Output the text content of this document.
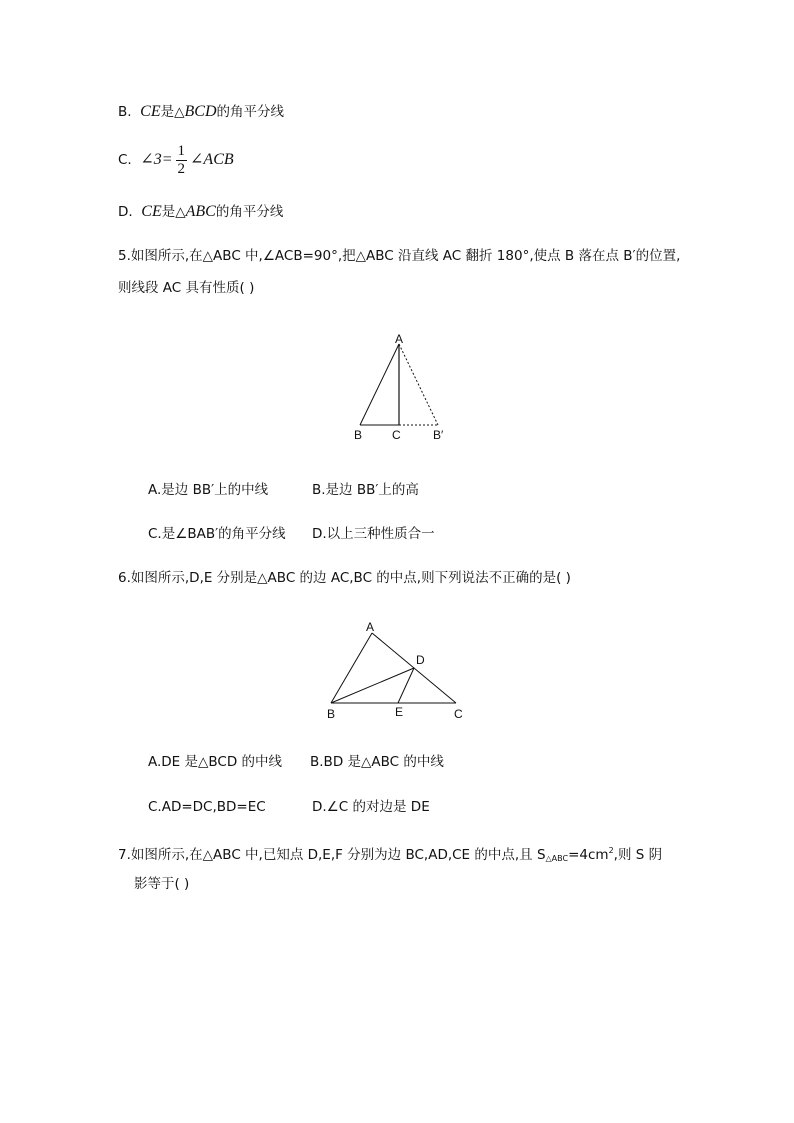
B. CE是△BCD的角平分线
C. ∠3= $\frac{1}{2}$ ∠ACB
D. CE是△ABC的角平分线
5.如图所示,在△ABC 中,∠ACB=90°,把△ABC 沿直线 AC 翻折 180°,使点 B 落在点 B′的位置,
则线段 AC 具有性质( )
A
B C	B′
A.是边 BB′上的中线	B.是边 BB′上的高
C.是∠BAB′的角平分线 D.以上三种性质合一
6.如图所示,D,E 分别是△ABC 的边 AC,BC 的中点,则下列说法不正确的是( )
A
B	C
D
E
A.DE 是△BCD 的中线 B.BD 是△ABC 的中线
C.AD=DC,BD=EC	D.∠C 的对边是 DE
7.如图所示,在△ABC 中,已知点 D,E,F 分别为边 BC,AD,CE 的中点,且 $S_{\triangle ABC}=4cm^2$,则 S 阴
影等于( )
